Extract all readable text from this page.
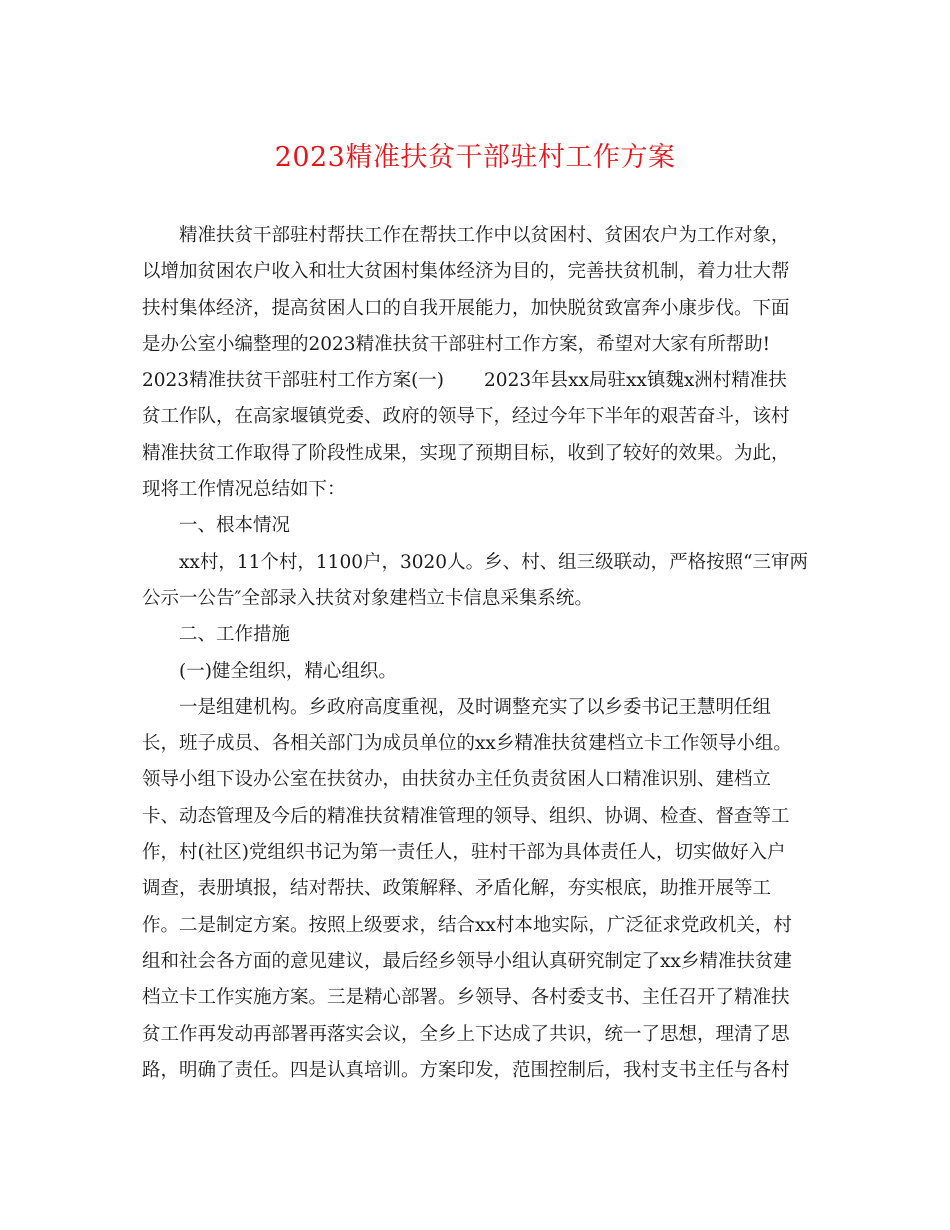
2023精准扶贫干部驻村工作方案
精准扶贫干部驻村帮扶工作在帮扶工作中以贫困村、贫困农户为工作对象，
以增加贫困农户收入和壮大贫困村集体经济为目的，完善扶贫机制，着力壮大帮
扶村集体经济，提高贫困人口的自我开展能力，加快脱贫致富奔小康步伐。下面
是办公室小编整理的2023精准扶贫干部驻村工作方案，希望对大家有所帮助!
2023精准扶贫干部驻村工作方案(一) 2023年县xx局驻xx镇魏x洲村精准扶
贫工作队，在高家堰镇党委、政府的领导下，经过今年下半年的艰苦奋斗，该村
精准扶贫工作取得了阶段性成果，实现了预期目标，收到了较好的效果。为此，
现将工作情况总结如下：
一、根本情况
xx村，11个村，1100户，3020人。乡、村、组三级联动，严格按照“三审两
公示一公告″全部录入扶贫对象建档立卡信息采集系统。
二、工作措施
(一)健全组织，精心组织。
一是组建机构。乡政府高度重视，及时调整充实了以乡委书记王慧明任组
长，班子成员、各相关部门为成员单位的xx乡精准扶贫建档立卡工作领导小组。
领导小组下设办公室在扶贫办，由扶贫办主任负责贫困人口精准识别、建档立
卡、动态管理及今后的精准扶贫精准管理的领导、组织、协调、检查、督查等工
作，村(社区)党组织书记为第一责任人，驻村干部为具体责任人，切实做好入户
调查，表册填报，结对帮扶、政策解释、矛盾化解，夯实根底，助推开展等工
作。二是制定方案。按照上级要求，结合xx村本地实际，广泛征求党政机关，村
组和社会各方面的意见建议，最后经乡领导小组认真研究制定了xx乡精准扶贫建
档立卡工作实施方案。三是精心部署。乡领导、各村委支书、主任召开了精准扶
贫工作再发动再部署再落实会议，全乡上下达成了共识，统一了思想，理清了思
路，明确了责任。四是认真培训。方案印发，范围控制后，我村支书主任与各村
